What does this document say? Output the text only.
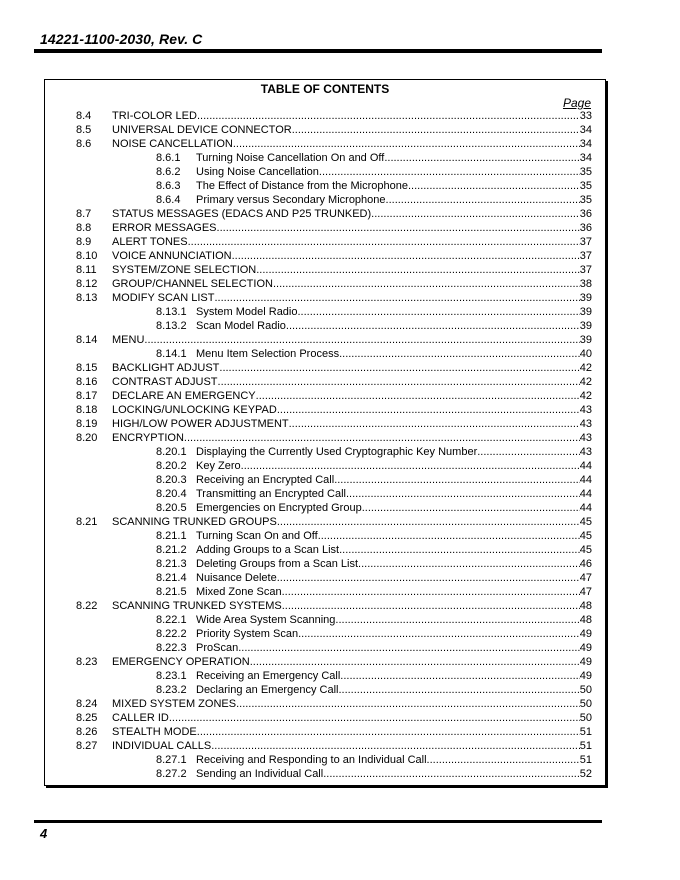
14221-1100-2030, Rev. C
TABLE OF CONTENTS
Page
8.4 TRI-COLOR LED .....	33
8.5 UNIVERSAL DEVICE CONNECTOR .....	34
8.6 NOISE CANCELLATION .....	34
8.6.1	Turning Noise Cancellation On and Off .....	34
8.6.2	Using Noise Cancellation .....	35
8.6.3	The Effect of Distance from the Microphone .....	35
8.6.4	Primary versus Secondary Microphone .....	35
8.7 STATUS MESSAGES (EDACS AND P25 TRUNKED) .....	36
8.8 ERROR MESSAGES .....	36
8.9 ALERT TONES .....	37
8.10 VOICE ANNUNCIATION .....	37
8.11 SYSTEM/ZONE SELECTION .....	37
8.12 GROUP/CHANNEL SELECTION .....	38
8.13 MODIFY SCAN LIST .....	39
8.13.1 System Model Radio .....	39
8.13.2 Scan Model Radio .....	39
8.14 MENU .....	39
8.14.1 Menu Item Selection Process .....	40
8.15 BACKLIGHT ADJUST .....	42
8.16 CONTRAST ADJUST .....	42
8.17 DECLARE AN EMERGENCY .....	42
8.18 LOCKING/UNLOCKING KEYPAD .....	43
8.19 HIGH/LOW POWER ADJUSTMENT .....	43
8.20 ENCRYPTION .....	43
8.20.1 Displaying the Currently Used Cryptographic Key Number .....	43
8.20.2 Key Zero .....	44
8.20.3 Receiving an Encrypted Call .....	44
8.20.4 Transmitting an Encrypted Call .....	44
8.20.5 Emergencies on Encrypted Group .....	44
8.21 SCANNING TRUNKED GROUPS .....	45
8.21.1 Turning Scan On and Off .....	45
8.21.2 Adding Groups to a Scan List .....	45
8.21.3 Deleting Groups from a Scan List .....	46
8.21.4 Nuisance Delete .....	47
8.21.5 Mixed Zone Scan .....	47
8.22 SCANNING TRUNKED SYSTEMS .....	48
8.22.1 Wide Area System Scanning .....	48
8.22.2 Priority System Scan .....	49
8.22.3 ProScan .....	49
8.23 EMERGENCY OPERATION .....	49
8.23.1 Receiving an Emergency Call .....	49
8.23.2 Declaring an Emergency Call .....	50
8.24 MIXED SYSTEM ZONES .....	50
8.25 CALLER ID .....	50
8.26 STEALTH MODE .....	51
8.27 INDIVIDUAL CALLS .....	51
8.27.1 Receiving and Responding to an Individual Call .....	51
8.27.2 Sending an Individual Call .....	52
4
